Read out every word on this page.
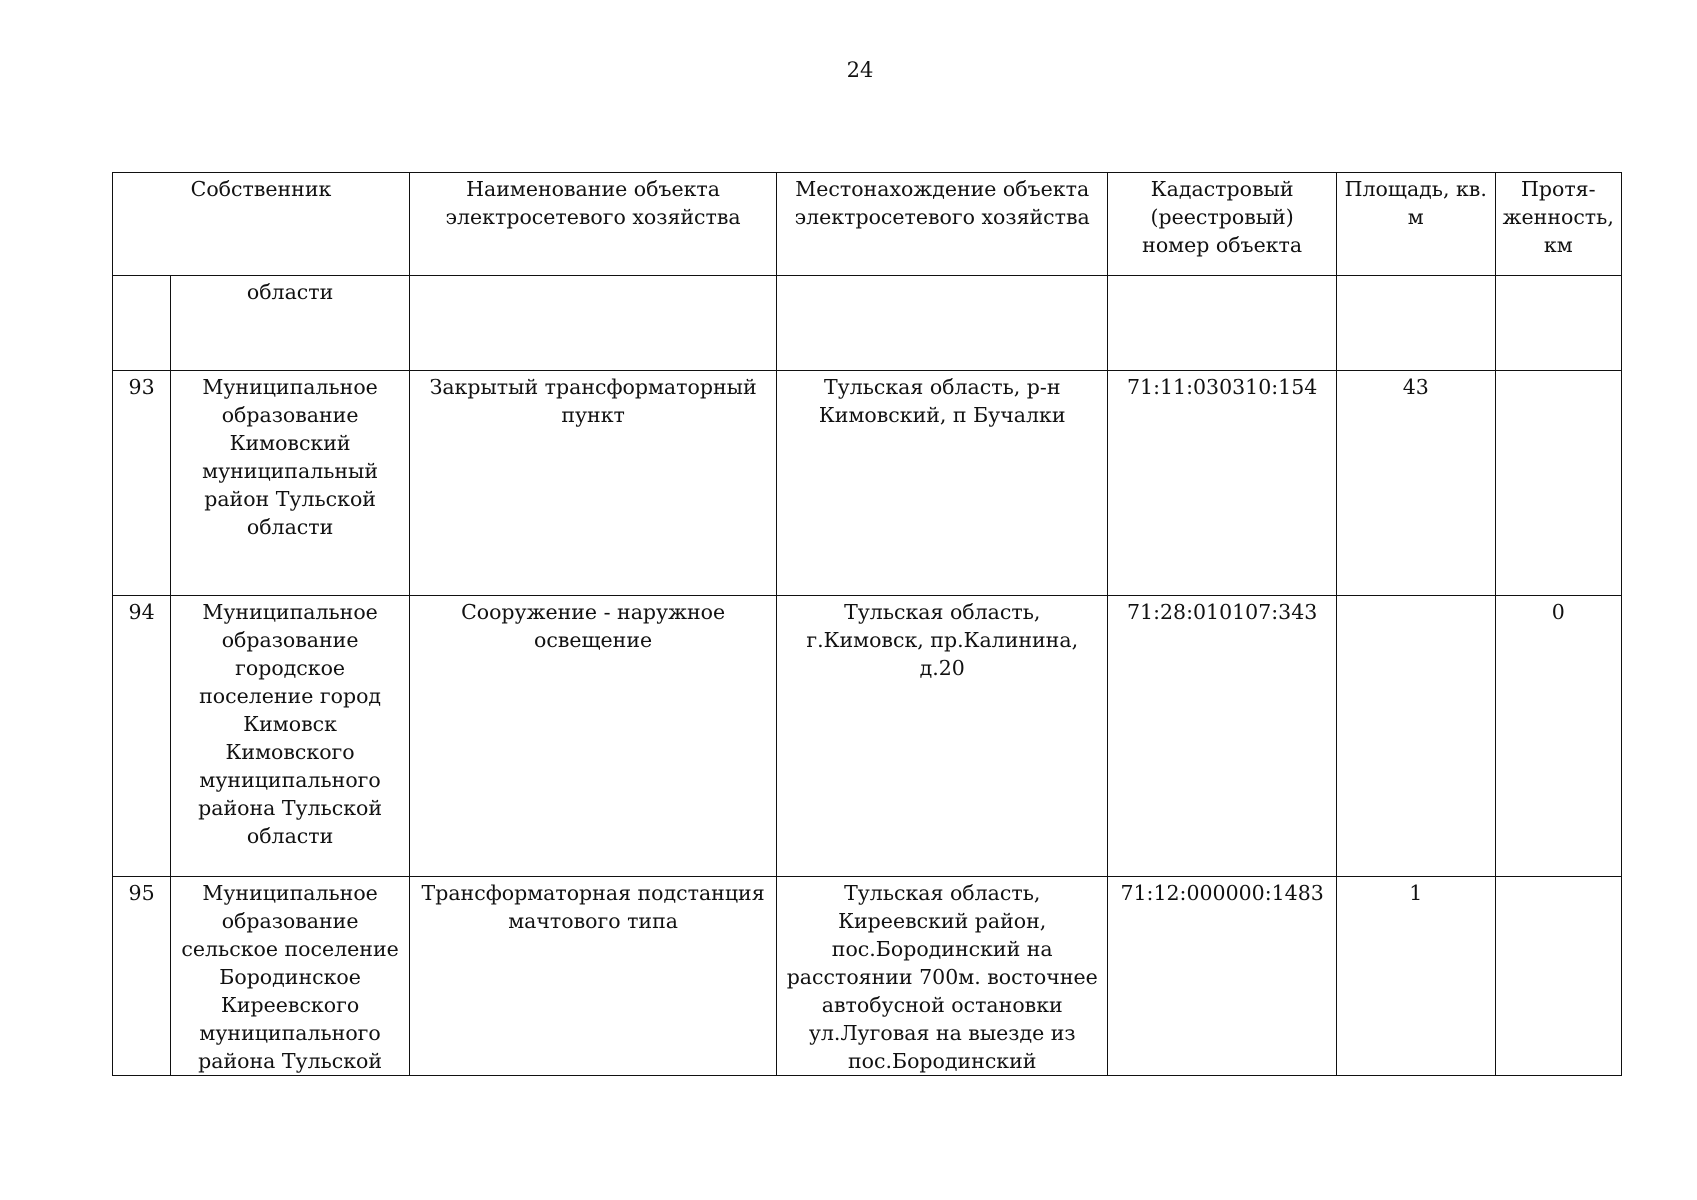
24
Собственник		Наименование объекта электросетевого хозяйства	Местонахождение объекта электросетевого хозяйства	Кадастровый (реестровый) номер объекта	Площадь, кв. м	Протя-женность, км
	области					
93	Муниципальное образование Кимовский муниципальный район Тульской области	Закрытый трансформаторный пункт	Тульская область, р-н Кимовский, п Бучалки	71:11:030310:154	43	
94	Муниципальное образование городское поселение город Кимовск Кимовского муниципального района Тульской области	Сооружение - наружное освещение	Тульская область, г.Кимовск, пр.Калинина, д.20	71:28:010107:343		0
95	Муниципальное образование сельское поселение Бородинское Киреевского муниципального района Тульской	Трансформаторная подстанция мачтового типа	Тульская область, Киреевский район, пос.Бородинский на расстоянии 700м. восточнее автобусной остановки ул.Луговая на выезде из пос.Бородинский	71:12:000000:1483	1	
